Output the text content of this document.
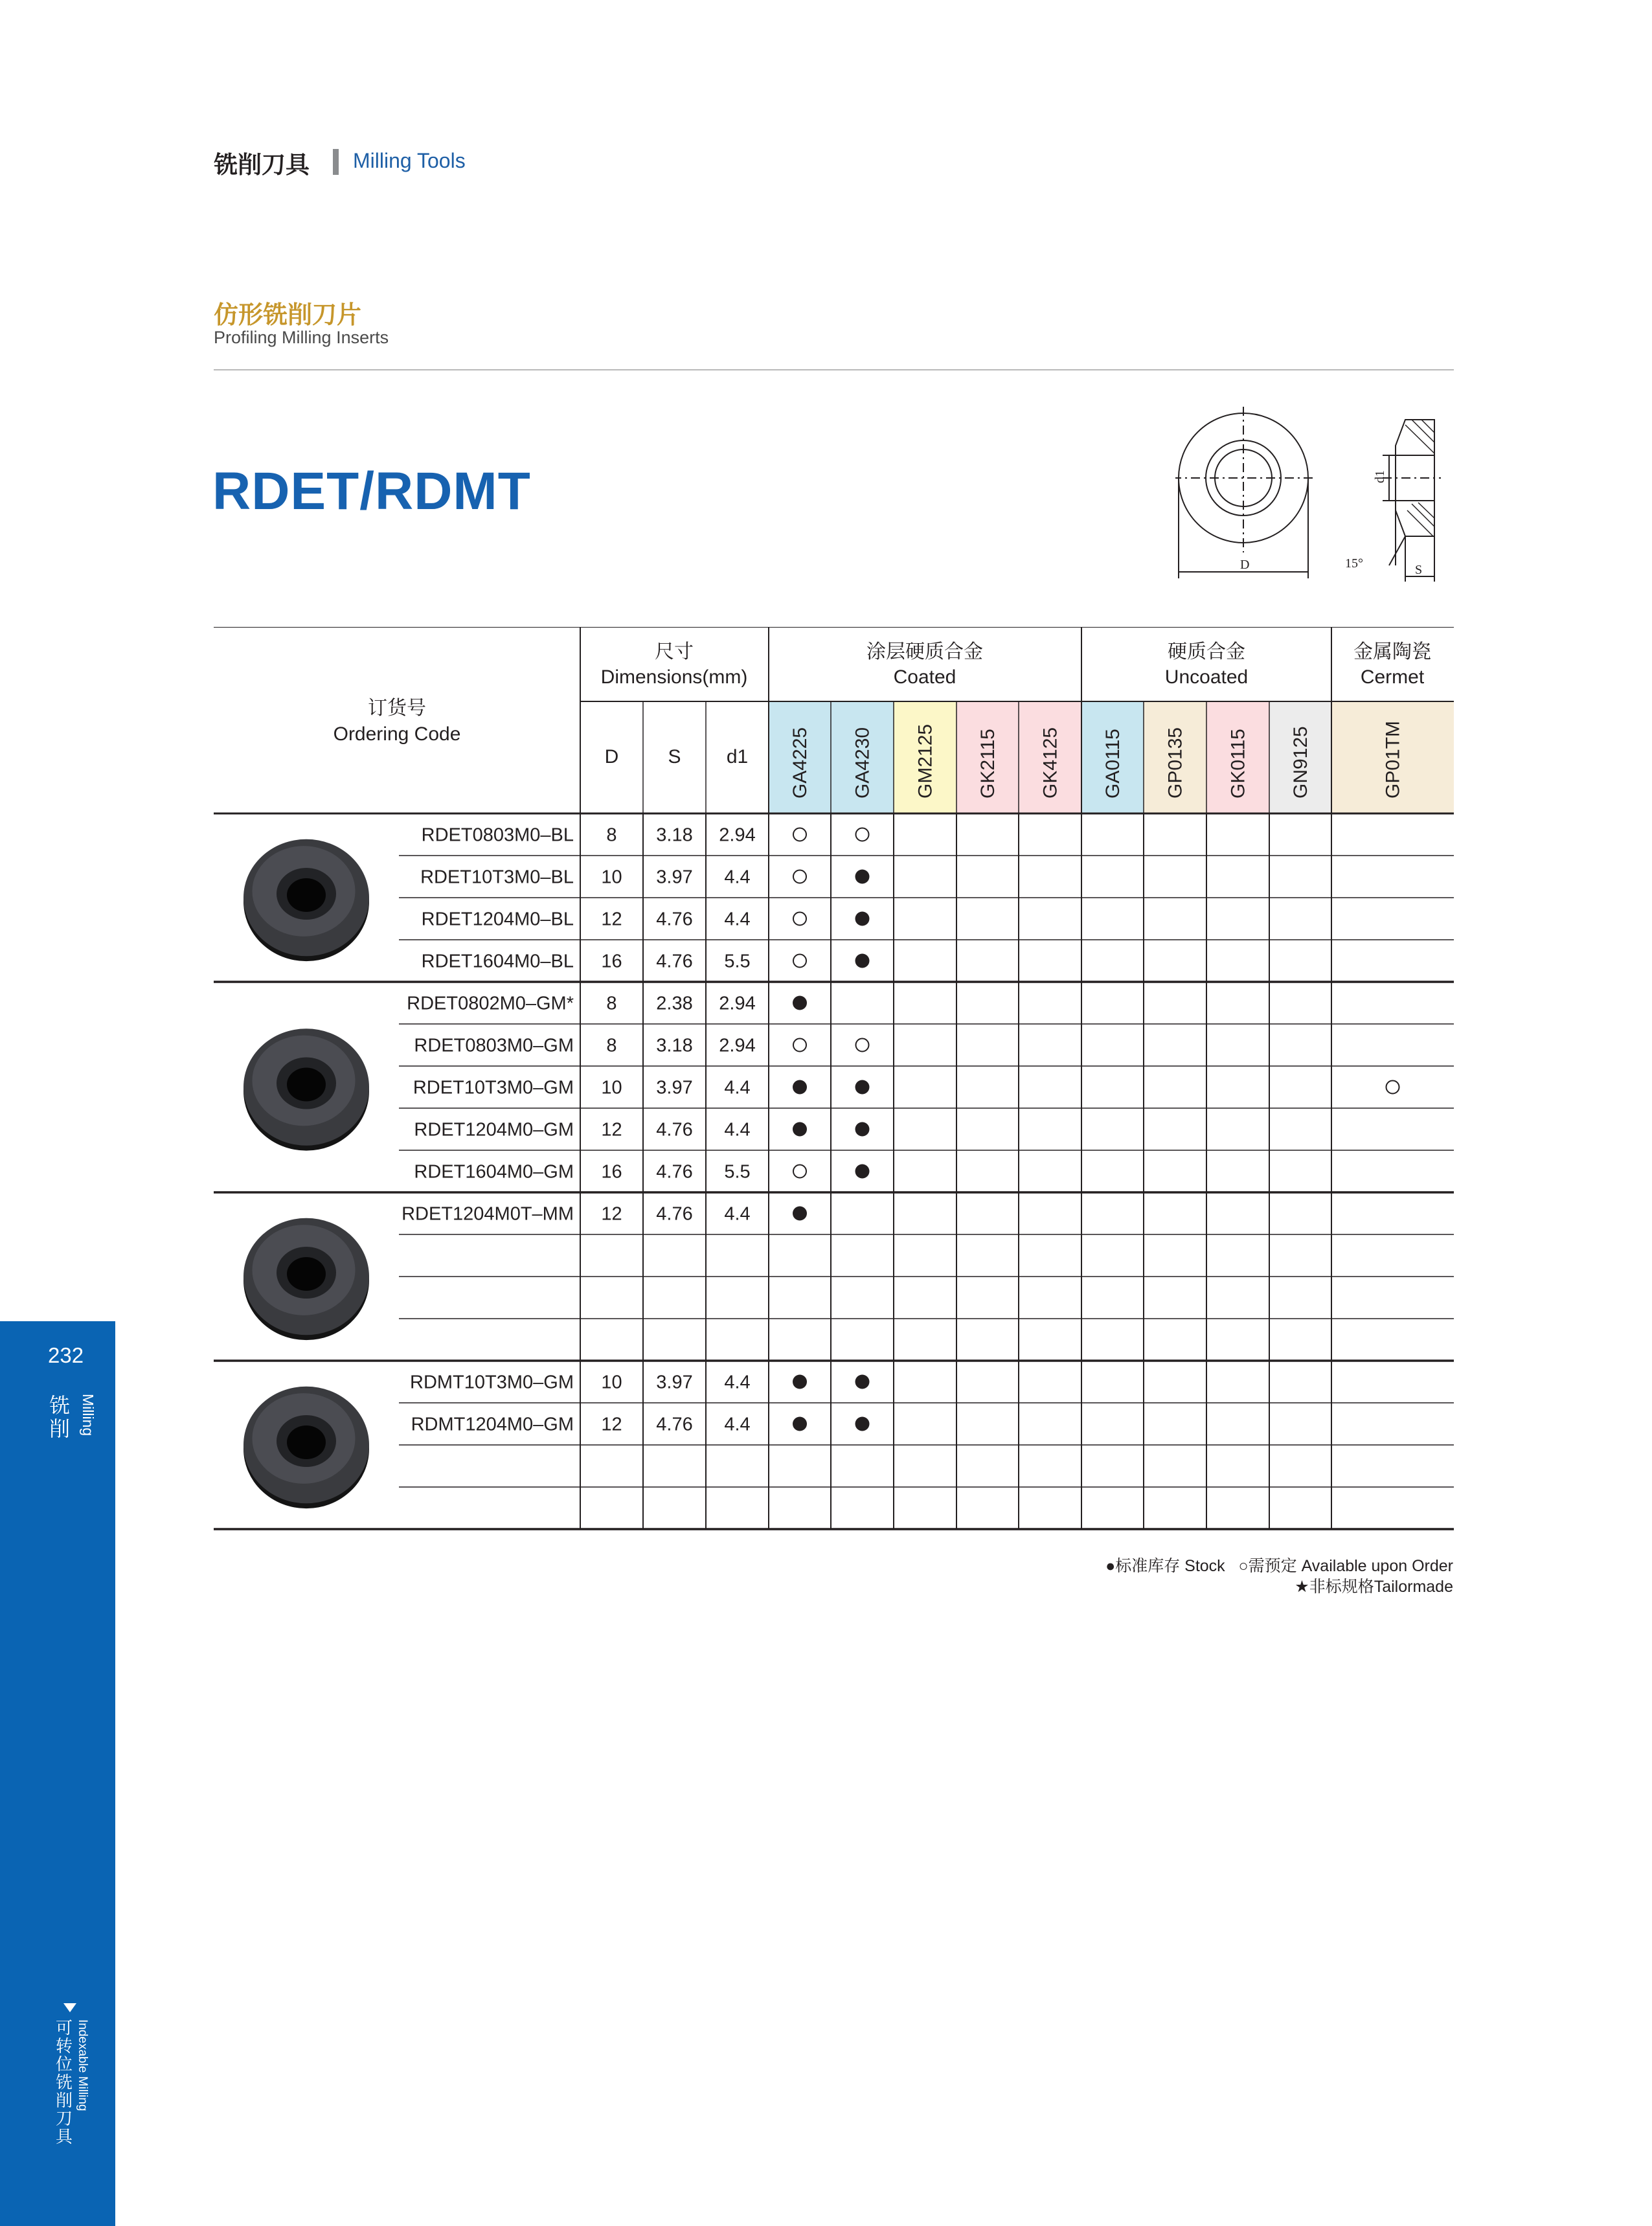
铣削刀具 Milling Tools
仿形铣削刀片
Profiling Milling Inserts
RDET/RDMT
D
d1
S
15°
订货号
Ordering Code
尺寸
Dimensions(mm)
涂层硬质合金
Coated
硬质合金
Uncoated
金属陶瓷
Cermet
D	S d1 GA4225 GA4230 GM2125 GK2115 GK4125 GA0115 GP0135 GK0115 GN9125	GP01TM
RDET0803M0–BL 8 3.18 2.94
RDET10T3M0–BL 10 3.97 4.4
RDET1204M0–BL 12 4.76 4.4
RDET1604M0–BL 16 4.76 5.5
RDET0802M0–GM* 8 2.38 2.94
RDET0803M0–GM 8 3.18 2.94
RDET10T3M0–GM 10 3.97 4.4
RDET1204M0–GM 12 4.76 4.4
RDET1604M0–GM 16 4.76 5.5
RDET1204M0T–MM 12 4.76 4.4
RDMT10T3M0–GM 10 3.97 4.4
RDMT1204M0–GM 12 4.76 4.4
●标准库存 Stock ○需预定 Available upon Order
★非标规格Tailormade
232
铣削 Milling
可转位铣削刀具
Indexable Milling
